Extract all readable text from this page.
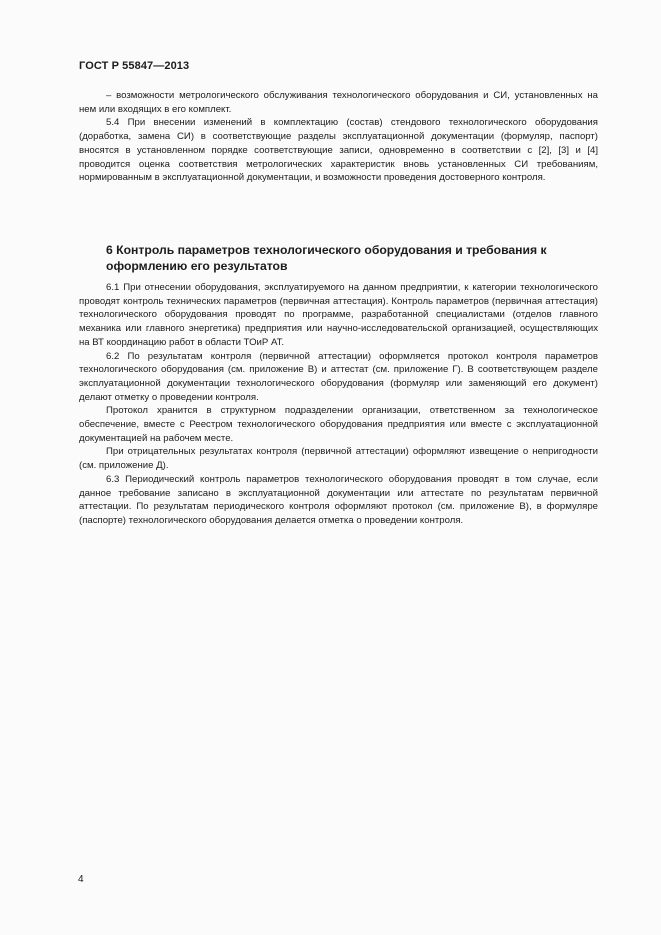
ГОСТ Р 55847—2013

– возможности метрологического обслуживания технологического оборудования и СИ, установленных на нем или входящих в его комплект.

5.4 При внесении изменений в комплектацию (состав) стендового технологического оборудования (доработка, замена СИ) в соответствующие разделы эксплуатационной документации (формуляр, паспорт) вносятся в установленном порядке соответствующие записи, одновременно в соответствии с [2], [3] и [4] проводится оценка соответствия метрологических характеристик вновь установленных СИ требованиям, нормированным в эксплуатационной документации, и возможности проведения достоверного контроля.

6 Контроль параметров технологического оборудования и требования к оформлению его результатов

6.1 При отнесении оборудования, эксплуатируемого на данном предприятии, к категории технологического проводят контроль технических параметров (первичная аттестация). Контроль параметров (первичная аттестация) технологического оборудования проводят по программе, разработанной специалистами (отделов главного механика или главного энергетика) предприятия или научно-исследовательской организацией, осуществляющих на ВТ координацию работ в области ТОиР АТ.

6.2 По результатам контроля (первичной аттестации) оформляется протокол контроля параметров технологического оборудования (см. приложение В) и аттестат (см. приложение Г). В соответствующем разделе эксплуатационной документации технологического оборудования (формуляр или заменяющий его документ) делают отметку о проведении контроля.

Протокол хранится в структурном подразделении организации, ответственном за технологическое обеспечение, вместе с Реестром технологического оборудования предприятия или вместе с эксплуатационной документацией на рабочем месте.

При отрицательных результатах контроля (первичной аттестации) оформляют извещение о непригодности (см. приложение Д).

6.3 Периодический контроль параметров технологического оборудования проводят в том случае, если данное требование записано в эксплуатационной документации или аттестате по результатам первичной аттестации. По результатам периодического контроля оформляют протокол (см. приложение В), в формуляре (паспорте) технологического оборудования делается отметка о проведении контроля.

4
